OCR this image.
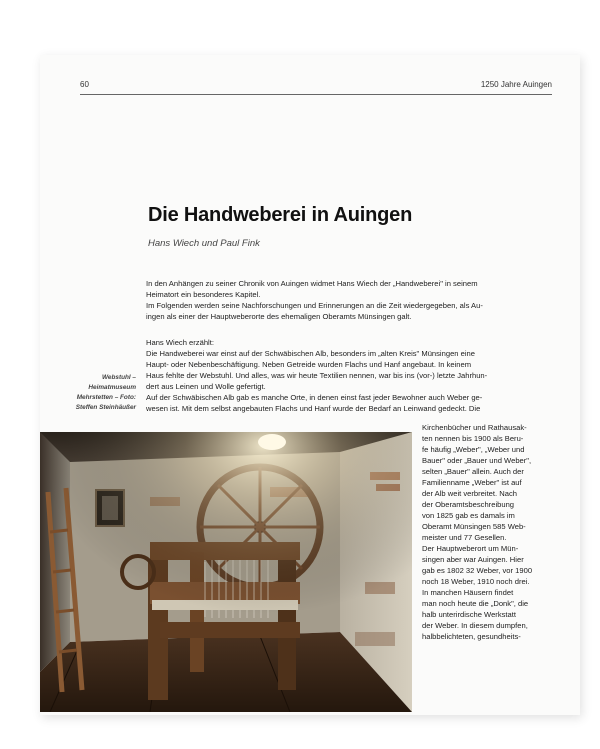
60	1250 Jahre Auingen
Die Handweberei in Auingen
Hans Wiech und Paul Fink

In den Anhängen zu seiner Chronik von Auingen widmet Hans Wiech der „Handweberei" in seinem

Heimatort ein besonderes Kapitel.

Im Folgenden werden seine Nachforschungen und Erinnerungen an die Zeit wiedergegeben, als Au-

ingen als einer der Hauptweberorte des ehemaligen Oberamts Münsingen galt.

Hans Wiech erzählt:

Die Handweberei war einst auf der Schwäbischen Alb, besonders im „alten Kreis" Münsingen eine

Haupt- oder Nebenbeschäftigung. Neben Getreide wurden Flachs und Hanf angebaut. In keinem

Haus fehlte der Webstuhl. Und alles, was wir heute Textilien nennen, war bis ins (vor-) letzte Jahrhun-

dert aus Leinen und Wolle gefertigt.

Auf der Schwäbischen Alb gab es manche Orte, in denen einst fast jeder Bewohner auch Weber ge-

wesen ist. Mit dem selbst angebauten Flachs und Hanf wurde der Bedarf an Leinwand gedeckt. Die

Webstuhl –
Heimatmuseum
Mehrstetten – Foto:
Steffen Steinhäußer

Kirchenbücher und Rathausak-

ten nennen bis 1900 als Beru-

fe häufig „Weber", „Weber und

Bauer" oder „Bauer und Weber",

selten „Bauer" allein. Auch der

Familienname „Weber" ist auf

der Alb weit verbreitet. Nach

der Oberamtsbeschreibung

von 1825 gab es damals im

Oberamt Münsingen 585 Web-

meister und 77 Gesellen.

Der Hauptweberort um Mün-

singen aber war Auingen. Hier

gab es 1802 32 Weber, vor 1900

noch 18 Weber, 1910 noch drei.

In manchen Häusern findet

man noch heute die „Donk", die

halb unterirdische Werkstatt

der Weber. In diesem dumpfen,

halbbelichteten, gesundheits-
